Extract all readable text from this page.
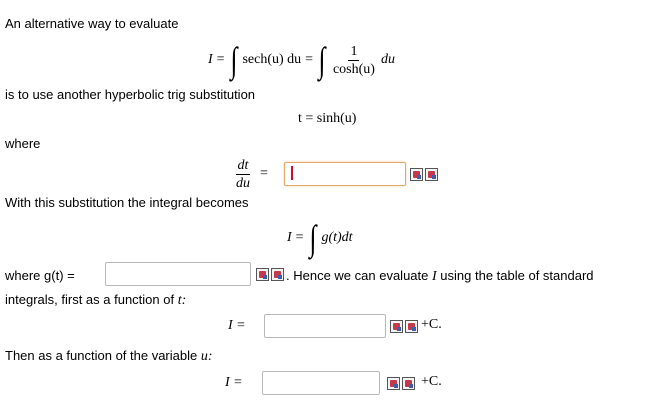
An alternative way to evaluate
I = ∫ sech(u) du = ∫ $\frac{1}{\cosh(u)}$ du
is to use another hyperbolic trig substitution
t = sinh(u)
where
$\frac{dt}{du}$ =
With this substitution the integral becomes
I = ∫ g(t)dt
where g(t) =	. Hence we can evaluate I using the table of standard
integrals, first as a function of t:
I =	+C.
Then as a function of the variable u:
I =	+C.
